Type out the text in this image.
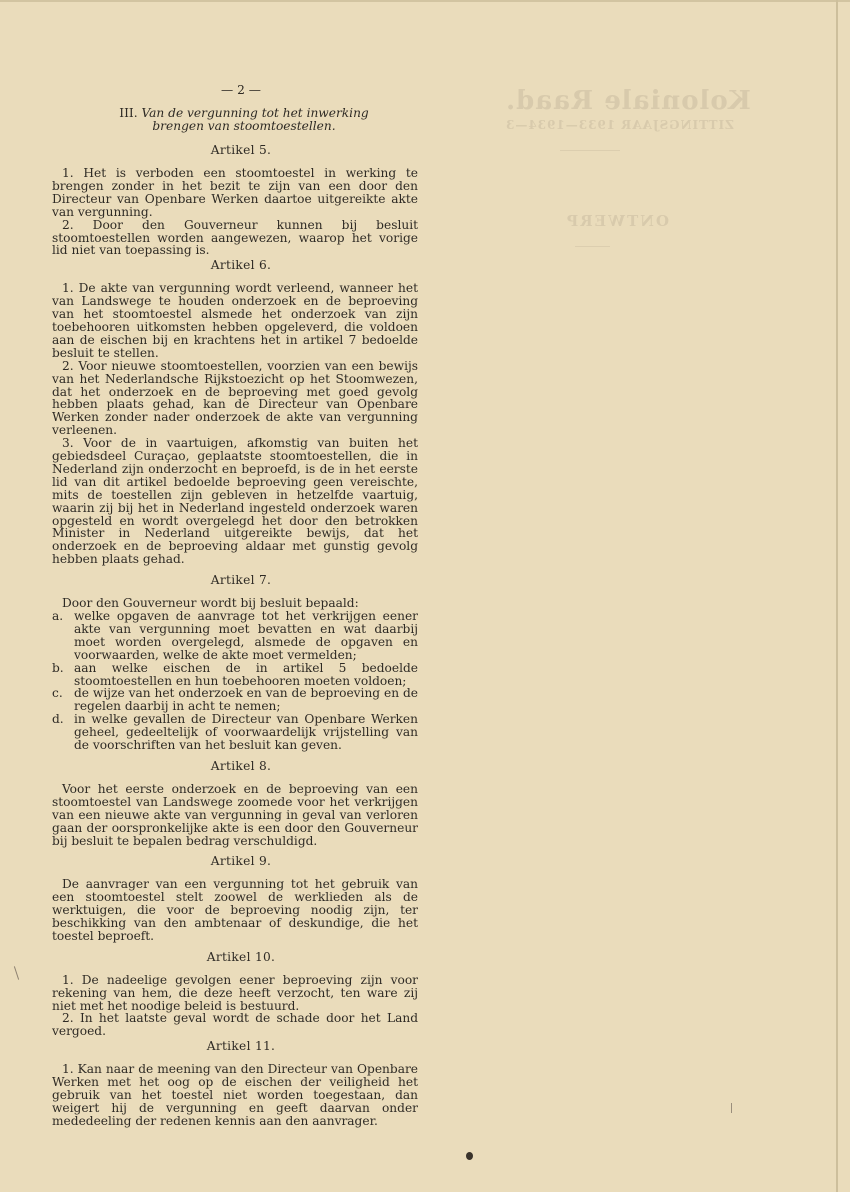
Koloniale Raad.
ZITTINGSJAAR 1933—1934—3
ONTWERP
— 2 —
III. Van de vergunning tot het inwerking
brengen van stoomtoestellen.
Artikel 5.

1. Het is verboden een stoomtoestel in werking te brengen zonder in het bezit te zijn van een door den Directeur van Openbare Werken daartoe uitgereikte akte van vergunning.

2. Door den Gouverneur kunnen bij besluit stoomtoestellen worden aangewezen, waarop het vorige lid niet van toepassing is.

Artikel 6.

1. De akte van vergunning wordt verleend, wanneer het van Landswege te houden onderzoek en de beproeving van het stoomtoestel alsmede het onderzoek van zijn toebehooren uitkomsten hebben opgeleverd, die voldoen aan de eischen bij en krachtens het in artikel 7 bedoelde besluit te stellen.

2. Voor nieuwe stoomtoestellen, voorzien van een bewijs van het Nederlandsche Rijkstoezicht op het Stoomwezen, dat het onderzoek en de beproeving met goed gevolg hebben plaats gehad, kan de Directeur van Openbare Werken zonder nader onderzoek de akte van vergunning verleenen.

3. Voor de in vaartuigen, afkomstig van buiten het gebiedsdeel Curaçao, geplaatste stoomtoestellen, die in Nederland zijn onderzocht en beproefd, is de in het eerste lid van dit artikel bedoelde beproeving geen vereischte, mits de toestellen zijn gebleven in hetzelfde vaartuig, waarin zij bij het in Nederland ingesteld onderzoek waren opgesteld en wordt overgelegd het door den betrokken Minister in Nederland uitgereikte bewijs, dat het onderzoek en de beproeving aldaar met gunstig gevolg hebben plaats gehad.

Artikel 7.

Door den Gouverneur wordt bij besluit bepaald:

a. welke opgaven de aanvrage tot het verkrijgen eener akte van vergunning moet bevatten en wat daarbij moet worden overgelegd, alsmede de opgaven en voorwaarden, welke de akte moet vermelden;
b. aan welke eischen de in artikel 5 bedoelde stoomtoestellen en hun toebehooren moeten voldoen;
c. de wijze van het onderzoek en van de beproeving en de regelen daarbij in acht te nemen;
d. in welke gevallen de Directeur van Openbare Werken geheel, gedeeltelijk of voorwaardelijk vrijstelling van de voorschriften van het besluit kan geven.
Artikel 8.

Voor het eerste onderzoek en de beproeving van een stoomtoestel van Landswege zoomede voor het verkrijgen van een nieuwe akte van vergunning in geval van verloren gaan der oorspronkelijke akte is een door den Gouverneur bij besluit te bepalen bedrag verschuldigd.

Artikel 9.

De aanvrager van een vergunning tot het gebruik van een stoomtoestel stelt zoowel de werklieden als de werktuigen, die voor de beproeving noodig zijn, ter beschikking van den ambtenaar of deskundige, die het toestel beproeft.

Artikel 10.

1. De nadeelige gevolgen eener beproeving zijn voor rekening van hem, die deze heeft verzocht, ten ware zij niet met het noodige beleid is bestuurd.

2. In het laatste geval wordt de schade door het Land vergoed.

Artikel 11.

1. Kan naar de meening van den Directeur van Openbare Werken met het oog op de eischen der veiligheid het gebruik van het toestel niet worden toegestaan, dan weigert hij de vergunning en geeft daarvan onder mededeeling der redenen kennis aan den aanvrager.
